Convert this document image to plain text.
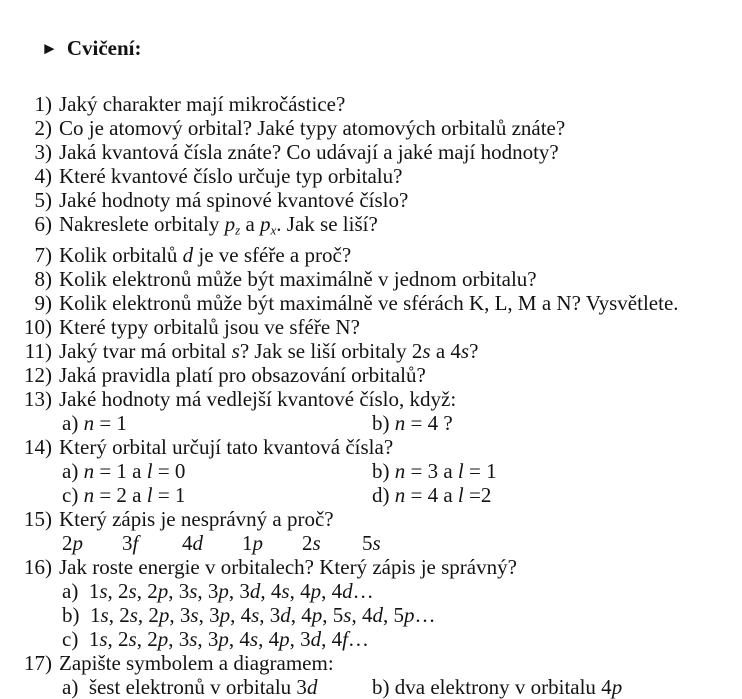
► Cvičení:

1) Jaký charakter mají mikročástice?
2) Co je atomový orbital? Jaké typy atomových orbitalů znáte?
3) Jaká kvantová čísla znáte? Co udávají a jaké mají hodnoty?
4) Které kvantové číslo určuje typ orbitalu?
5) Jaké hodnoty má spinové kvantové číslo?
6) Nakreslete orbitaly pz a px. Jak se liší?
7) Kolik orbitalů d je ve sféře a proč?
8) Kolik elektronů může být maximálně v jednom orbitalu?
9) Kolik elektronů může být maximálně ve sférách K, L, M a N? Vysvětlete.
10) Které typy orbitalů jsou ve sféře N?
11) Jaký tvar má orbital s? Jak se liší orbitaly 2s a 4s?
12) Jaká pravidla platí pro obsazování orbitalů?
13) Jaké hodnoty má vedlejší kvantové číslo, když:
a) n = 1	b) n = 4 ?
14) Který orbital určují tato kvantová čísla?
a) n = 1 a l = 0	b) n = 3 a l = 1
c) n = 2 a l = 1	d) n = 4 a l =2
15) Který zápis je nesprávný a proč?
2p	3f	4d	1p	2s	5s
16) Jak roste energie v orbitalech? Který zápis je správný?
a)  1s, 2s, 2p, 3s, 3p, 3d, 4s, 4p, 4d…
b)  1s, 2s, 2p, 3s, 3p, 4s, 3d, 4p, 5s, 4d, 5p…
c)  1s, 2s, 2p, 3s, 3p, 4s, 4p, 3d, 4f…
17) Zapište symbolem a diagramem:
a)  šest elektronů v orbitalu 3d	b) dva elektrony v orbitalu 4p
